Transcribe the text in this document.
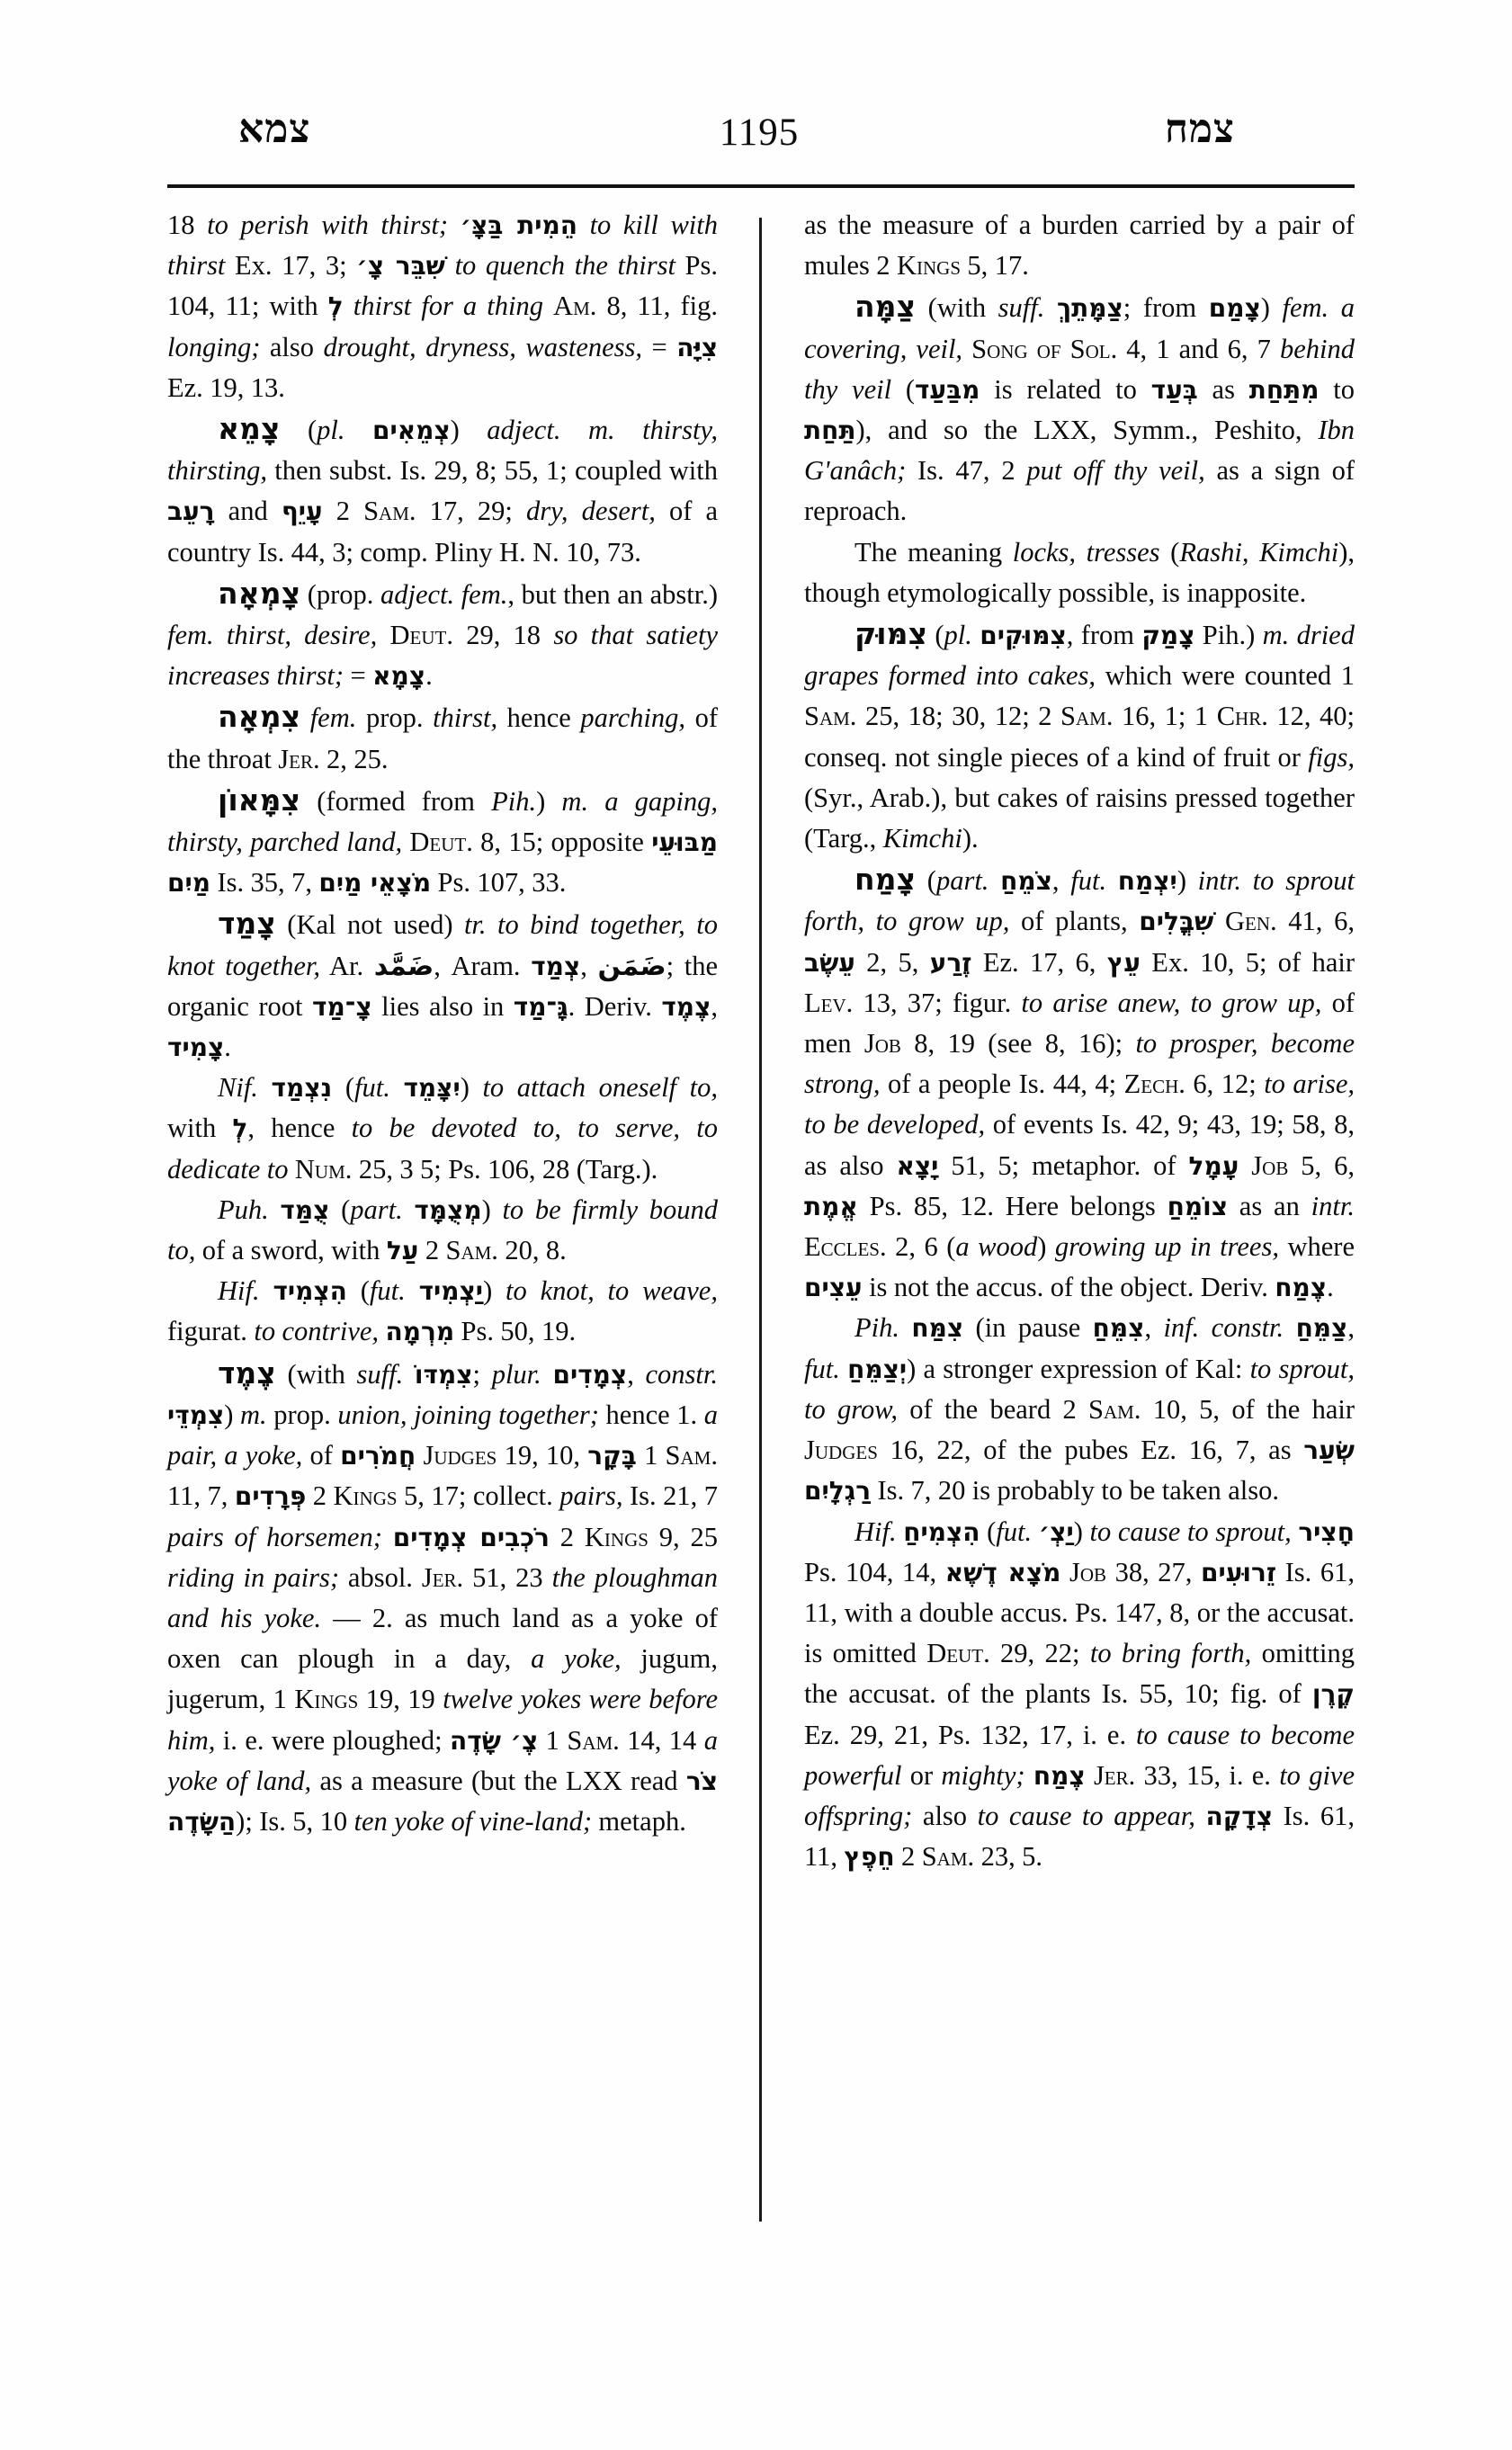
צמא	1195	צמח

18 to perish with thirst; הֵמִית בַּצָּ׳ to kill with thirst Ex. 17, 3; שִׁבֵּר צָ׳ to quench the thirst Ps. 104, 11; with לְ thirst for a thing Am. 8, 11, fig. longing; also drought, dryness, wasteness, = צִיָּה Ez. 19, 13.

צָמֵא (pl. צְמֵאִים) adject. m. thirsty, thirsting, then subst. Is. 29, 8; 55, 1; coupled with רָעֵב and עָיֵף 2 Sam. 17, 29; dry, desert, of a country Is. 44, 3; comp. Pliny H. N. 10, 73.

צָמְאָה (prop. adject. fem., but then an abstr.) fem. thirst, desire, Deut. 29, 18 so that satiety increases thirst; = צָמָא.

צִמְאָה fem. prop. thirst, hence parching, of the throat Jer. 2, 25.

צִמָּאוֹן (formed from Pih.) m. a gaping, thirsty, parched land, Deut. 8, 15; opposite מַבּוּעֵי מַיִם Is. 35, 7, מֹצָאֵי מַיִם Ps. 107, 33.

צָמַד (Kal not used) tr. to bind together, to knot together, Ar. ضَمَّد, Aram. צְמַד, ضَمَن; the organic root צָ־מַד lies also in גָּ־מַד. Deriv. צֶמֶד, צָמִיד.

Nif. נִצְמַד (fut. יִצָּמֵד) to attach oneself to, with לְ, hence to be devoted to, to serve, to dedicate to Num. 25, 3 5; Ps. 106, 28 (Targ.).

Puh. צֻמַּד (part. מְצֻמָּד) to be firmly bound to, of a sword, with עַל 2 Sam. 20, 8.

Hif. הִצְמִיד (fut. יַצְמִיד) to knot, to weave, figurat. to contrive, מִרְמָה Ps. 50, 19.

צֶמֶד (with suff. צִמְדּוֹ; plur. צְמָדִים, constr. צִמְדֵּי) m. prop. union, joining together; hence 1. a pair, a yoke, of חֲמֹרִים Judges 19, 10, בָּקָר 1 Sam. 11, 7, פְּרָדִים 2 Kings 5, 17; collect. pairs, Is. 21, 7 pairs of horsemen; רֹכְבִים צְמָדִים 2 Kings 9, 25 riding in pairs; absol. Jer. 51, 23 the ploughman and his yoke. — 2. as much land as a yoke of oxen can plough in a day, a yoke, jugum, jugerum, 1 Kings 19, 19 twelve yokes were before him, i. e. were ploughed; צֶ׳ שָׂדֶה 1 Sam. 14, 14 a yoke of land, as a measure (but the LXX read צֹר הַשָּׂדֶה); Is. 5, 10 ten yoke of vine-land; metaph.

as the measure of a burden carried by a pair of mules 2 Kings 5, 17.

צַמָּה (with suff. צַמָּתֵךְ; from צָמַם) fem. a covering, veil, Song of Sol. 4, 1 and 6, 7 behind thy veil (מִבַּעַד is related to בְּעַד as מִתַּחַת to תַּחַת), and so the LXX, Symm., Peshito, Ibn G'anâch; Is. 47, 2 put off thy veil, as a sign of reproach.

The meaning locks, tresses (Rashi, Kimchi), though etymologically possible, is inapposite.

צִמּוּק (pl. צִמּוּקִים, from צָמַק Pih.) m. dried grapes formed into cakes, which were counted 1 Sam. 25, 18; 30, 12; 2 Sam. 16, 1; 1 Chr. 12, 40; conseq. not single pieces of a kind of fruit or figs, (Syr., Arab.), but cakes of raisins pressed together (Targ., Kimchi).

צָמַח (part. צֹמֵחַ, fut. יִצְמַח) intr. to sprout forth, to grow up, of plants, שִׁבֳּלִים Gen. 41, 6, עֵשֶׂב 2, 5, זֶרַע Ez. 17, 6, עֵץ Ex. 10, 5; of hair Lev. 13, 37; figur. to arise anew, to grow up, of men Job 8, 19 (see 8, 16); to prosper, become strong, of a people Is. 44, 4; Zech. 6, 12; to arise, to be developed, of events Is. 42, 9; 43, 19; 58, 8, as also יָצָא 51, 5; metaphor. of עָמָל Job 5, 6, אֱמֶת Ps. 85, 12. Here belongs צוֹמֵחַ as an intr. Eccles. 2, 6 (a wood) growing up in trees, where עֵצִים is not the accus. of the object. Deriv. צֶמַח.

Pih. צִמַּח (in pause צִמֵּחַ, inf. constr. צַמֵּחַ, fut. יְצַמֵּחַ) a stronger expression of Kal: to sprout, to grow, of the beard 2 Sam. 10, 5, of the hair Judges 16, 22, of the pubes Ez. 16, 7, as שְׂעַר רַגְלָיִם Is. 7, 20 is probably to be taken also.

Hif. הִצְמִיחַ (fut. יַצְ׳) to cause to sprout, חָצִיר Ps. 104, 14, מֹצָא דֶשֶׁא Job 38, 27, זֵרוּעִים Is. 61, 11, with a double accus. Ps. 147, 8, or the accusat. is omitted Deut. 29, 22; to bring forth, omitting the accusat. of the plants Is. 55, 10; fig. of קֶרֶן Ez. 29, 21, Ps. 132, 17, i. e. to cause to become powerful or mighty; צֶמַח Jer. 33, 15, i. e. to give offspring; also to cause to appear, צְדָקָה Is. 61, 11, חֵפֶץ 2 Sam. 23, 5.
